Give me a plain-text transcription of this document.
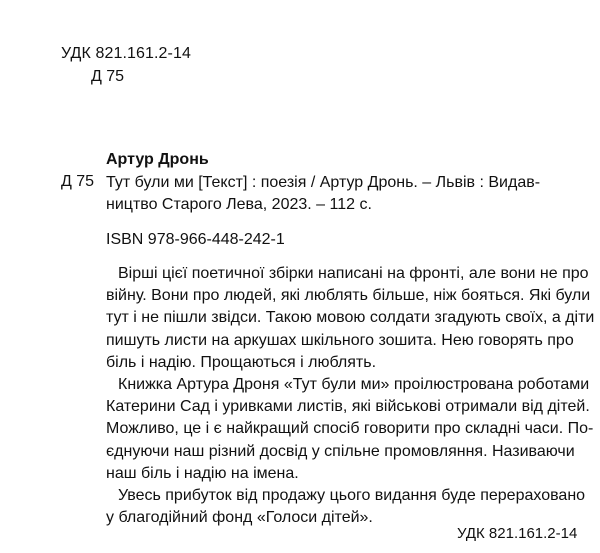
УДК 821.161.2-14
Д 75
Артур Дронь
Д 75 Тут були ми [Текст] : поезія / Артур Дронь. – Львів : Видав-
ництво Старого Лева, 2023. – 112 с.
ISBN 978-966-448-242-1
Вірші цієї поетичної збірки написані на фронті, але вони не про
війну. Вони про людей, які люблять більше, ніж бояться. Які були
тут і не пішли звідси. Такою мовою солдати згадують своїх, а діти
пишуть листи на аркушах шкільного зошита. Нею говорять про
біль і надію. Прощаються і люблять.
Книжка Артура Дроня «Тут були ми» проілюстрована роботами
Катерини Сад і уривками листів, які військові отримали від дітей.
Можливо, це і є найкращий спосіб говорити про складні часи. По-
єднуючи наш різний досвід у спільне промовляння. Називаючи
наш біль і надію на імена.
Увесь прибуток від продажу цього видання буде перераховано
у благодійний фонд «Голоси дітей».
УДК 821.161.2-14
